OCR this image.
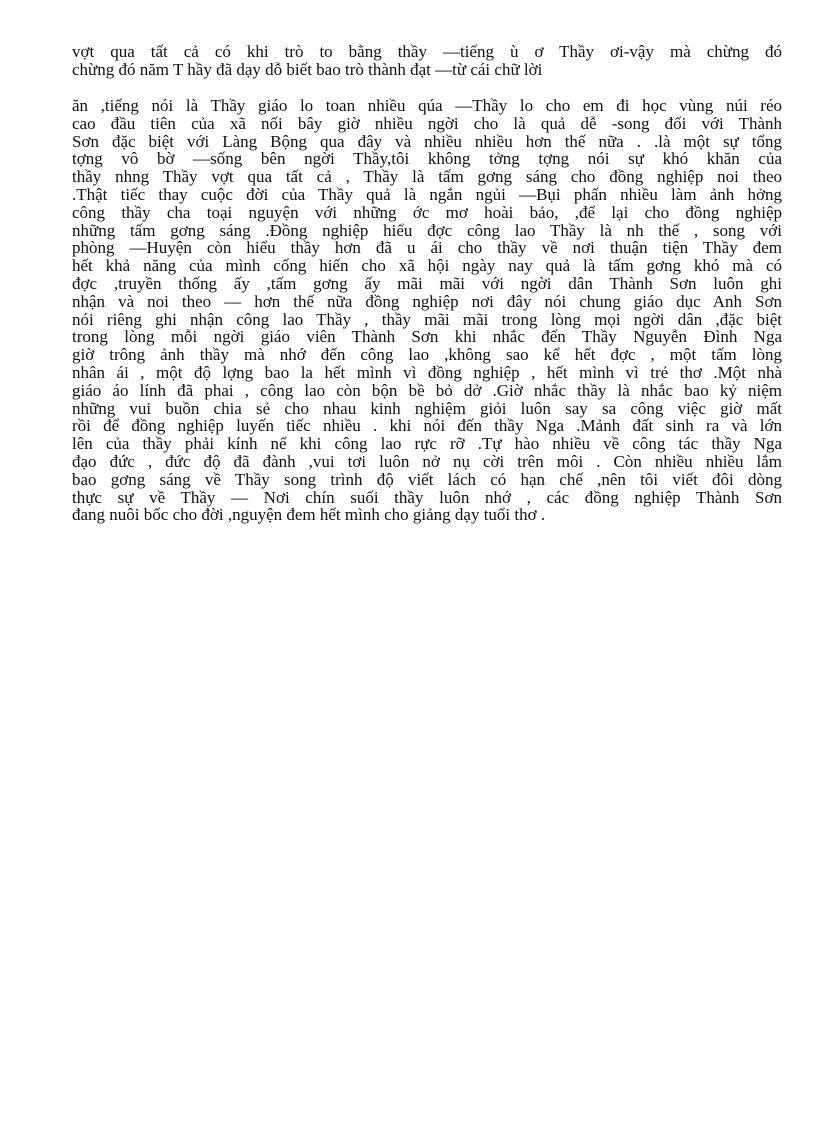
vợt qua tất cả có khi trò to bằng thầy —tiếng ù ơ Thầy ơi-vậy mà chừng đó
chừng đó năm T hầy đã dạy dỗ biết bao trò thành đạt —từ cái chữ lời
ăn ,tiếng nói là Thầy giáo lo toan nhiều qúa —Thầy lo cho em đi học vùng núi réo
cao đầu tiên của xã nối bây giờ nhiều ngời cho là quả dễ -song đối với Thành
Sơn đặc biệt với Làng Bộng qua đây và nhiều nhiều hơn thế nữa . .là một sự tổng
tợng vô bờ —sống bên ngời Thầy,tôi không tởng tợng nói sự khó khăn của
thầy nhng Thầy vợt qua tất cả , Thầy là tấm gơng sáng cho đồng nghiệp noi theo
.Thật tiếc thay cuộc đời của Thầy quả là ngắn ngủi —Bụi phấn nhiều làm ảnh hởng
công thầy cha toại nguyện với những ớc mơ hoài bảo, ,để lại cho đồng nghiệp
những tấm gơng sáng .Đồng nghiệp hiểu đợc công lao Thầy là nh thế , song với
phòng —Huyện còn hiểu thầy hơn đã u ái cho thầy về nơi thuận tiện Thầy đem
hết khả năng của mình cống hiến cho xã hội ngày nay quả là tấm gơng khó mà có
đợc ,truyền thống ấy ,tấm gơng ấy mãi mãi với ngời dân Thành Sơn luôn ghi
nhận và noi theo — hơn thế nữa đồng nghiệp nơi đây nói chung giáo dục Anh Sơn
nói riêng ghi nhận công lao Thầy , thầy mãi mãi trong lòng mọi ngời dân ,đặc biệt
trong lòng mỗi ngời giáo viên Thành Sơn khi nhắc đến Thầy Nguyễn Đình Nga
giờ trông ảnh thầy mà nhớ đến công lao ,không sao kể hết đợc , một tấm lòng
nhân ái , một độ lợng bao la hết mình vì đồng nghiệp , hết mình vì trẻ thơ .Một nhà
giáo áo lính đã phai , công lao còn bộn bề bỏ dở .Giờ nhắc thầy là nhắc bao kỷ niệm
những vui buồn chia sẻ cho nhau kinh nghiệm giỏi luôn say sa công việc giờ mất
rồi để đồng nghiệp luyến tiếc nhiều . khi nói đến thầy Nga .Mảnh đất sinh ra và lớn
lên của thầy phải kính nể khi công lao rực rỡ .Tự hào nhiều về công tác thầy Nga
đạo đức , đức độ đã đành ,vui tơi luôn nở nụ cời trên môi . Còn nhiều nhiều lắm
bao gơng sáng về Thầy song trình độ viết lách có hạn chế ,nên tôi viết đôi dòng
thực sự về Thầy — Nơi chín suối thầy luôn nhớ , các đồng nghiệp Thành Sơn
đang nuôi bốc cho đời ,nguyện đem hết mình cho giảng dạy tuổi thơ .
